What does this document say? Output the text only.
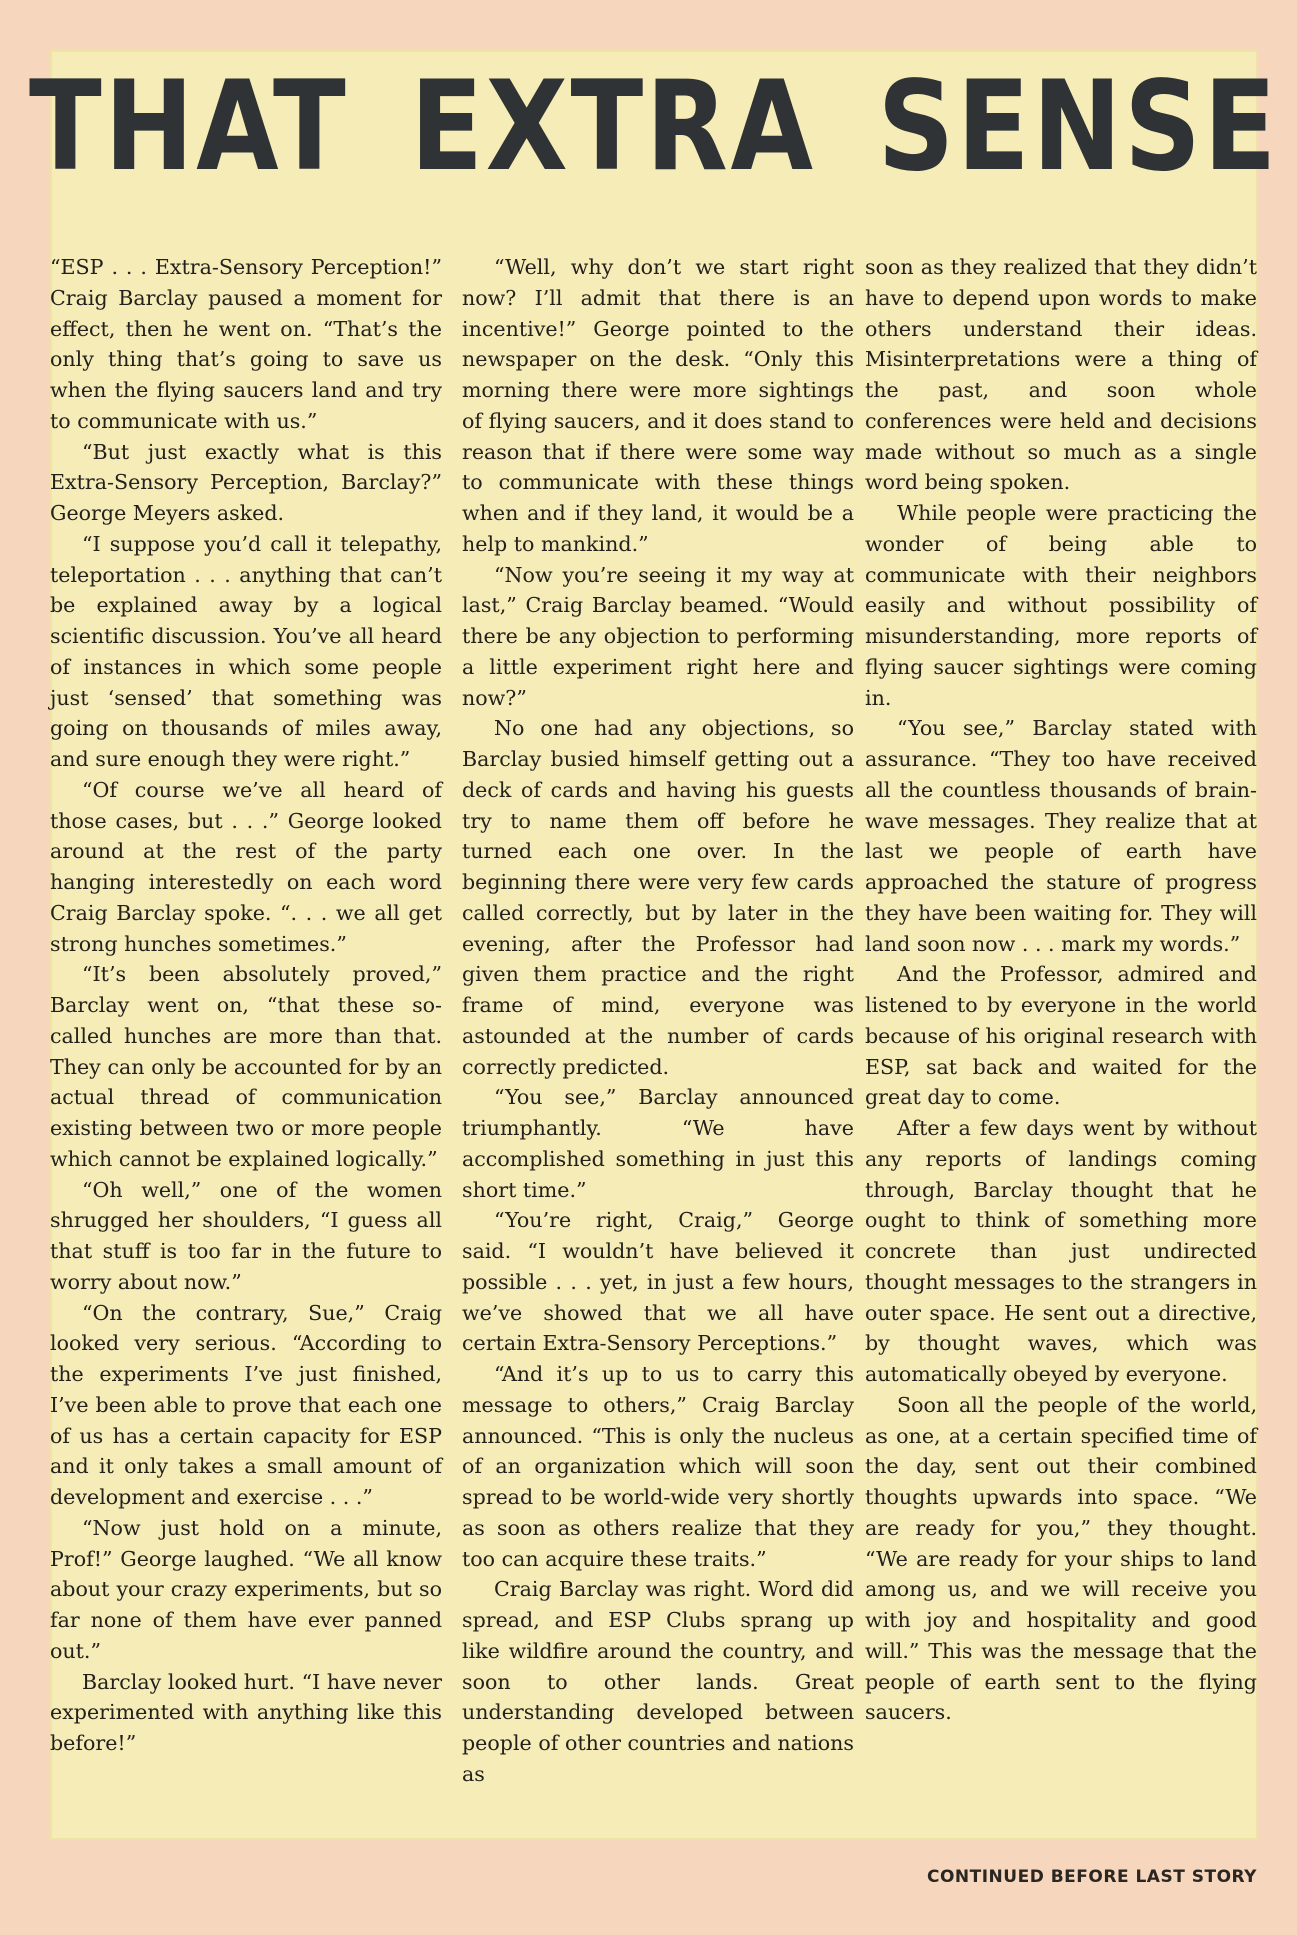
THAT EXTRA SENSE

“ESP . . . Extra-Sensory Perception!” Craig Barclay paused a moment for effect, then he went on. “That’s the only thing that’s going to save us when the flying saucers land and try to communicate with us.”

“But just exactly what is this Extra-Sensory Perception, Barclay?” George Meyers asked.

“I suppose you’d call it telepathy, teleportation . . . anything that can’t be explained away by a logical scientific discussion. You’ve all heard of instances in which some people just ‘sensed’ that something was going on thousands of miles away, and sure enough they were right.”

“Of course we’ve all heard of those cases, but . . .” George looked around at the rest of the party hanging interestedly on each word Craig Barclay spoke. “. . . we all get strong hunches sometimes.”

“It’s been absolutely proved,” Barclay went on, “that these so-called hunches are more than that. They can only be accounted for by an actual thread of communication existing between two or more people which cannot be explained logically.”

“Oh well,” one of the women shrugged her shoulders, “I guess all that stuff is too far in the future to worry about now.”

“On the contrary, Sue,” Craig looked very serious. “According to the experiments I’ve just finished, I’ve been able to prove that each one of us has a certain capacity for ESP and it only takes a small amount of development and exercise . . .”

“Now just hold on a minute, Prof!” George laughed. “We all know about your crazy experiments, but so far none of them have ever panned out.”

Barclay looked hurt. “I have never experimented with anything like this before!”

“Well, why don’t we start right now? I’ll admit that there is an incentive!” George pointed to the newspaper on the desk. “Only this morning there were more sightings of flying saucers, and it does stand to reason that if there were some way to communicate with these things when and if they land, it would be a help to mankind.”

“Now you’re seeing it my way at last,” Craig Barclay beamed. “Would there be any objection to performing a little experiment right here and now?”

No one had any objections, so Barclay busied himself getting out a deck of cards and having his guests try to name them off before he turned each one over. In the beginning there were very few cards called correctly, but by later in the evening, after the Professor had given them practice and the right frame of mind, everyone was astounded at the number of cards correctly predicted.

“You see,” Barclay announced triumphantly. “We have accomplished something in just this short time.”

“You’re right, Craig,” George said. “I wouldn’t have believed it possible . . . yet, in just a few hours, we’ve showed that we all have certain Extra-Sensory Perceptions.”

“And it’s up to us to carry this message to others,” Craig Barclay announced. “This is only the nucleus of an organization which will soon spread to be world-wide very shortly as soon as others realize that they too can acquire these traits.”

Craig Barclay was right. Word did spread, and ESP Clubs sprang up like wildfire around the country, and soon to other lands. Great understanding developed between people of other countries and nations as

soon as they realized that they didn’t have to depend upon words to make others understand their ideas. Misinterpretations were a thing of the past, and soon whole conferences were held and decisions made without so much as a single word being spoken.

While people were practicing the wonder of being able to communicate with their neighbors easily and without possibility of misunderstanding, more reports of flying saucer sightings were coming in.

“You see,” Barclay stated with assurance. “They too have received all the countless thousands of brain-wave messages. They realize that at last we people of earth have approached the stature of progress they have been waiting for. They will land soon now . . . mark my words.”

And the Professor, admired and listened to by everyone in the world because of his original research with ESP, sat back and waited for the great day to come.

After a few days went by without any reports of landings coming through, Barclay thought that he ought to think of something more concrete than just undirected thought messages to the strangers in outer space. He sent out a directive, by thought waves, which was automatically obeyed by everyone.

Soon all the people of the world, as one, at a certain specified time of the day, sent out their combined thoughts upwards into space. “We are ready for you,” they thought. “We are ready for your ships to land among us, and we will receive you with joy and hospitality and good will.” This was the message that the people of earth sent to the flying saucers.

CONTINUED BEFORE LAST STORY
